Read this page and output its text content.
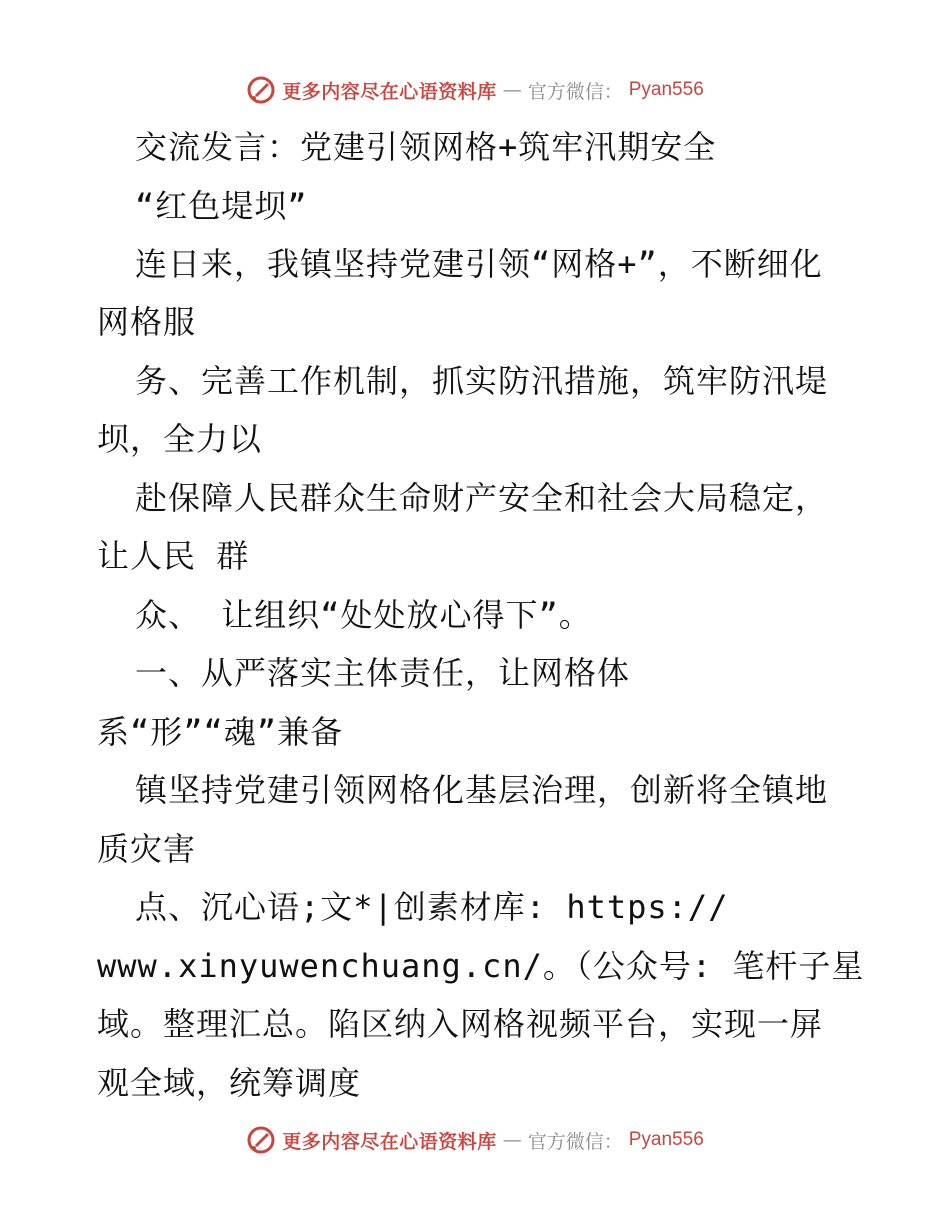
更多内容尽在心语资料库 — 官方微信： Pyan556
交流发言：党建引领网格+筑牢汛期安全
“红色堤坝”
连日来，我镇坚持党建引领“网格+”，不断细化
网格服
务、完善工作机制，抓实防汛措施，筑牢防汛堤
坝，全力以
赴保障人民群众生命财产安全和社会大局稳定，
让人民 群
众、 让组织“处处放心得下”。
一、从严落实主体责任，让网格体
系“形”“魂”兼备
镇坚持党建引领网格化基层治理，创新将全镇地
质灾害
点、沉心语;文*|创素材库: https://
www.xinyuwenchuang.cn/。（公众号: 笔杆子星
域。整理汇总。陷区纳入网格视频平台，实现一屏
观全域，统筹调度
更多内容尽在心语资料库 — 官方微信： Pyan556
